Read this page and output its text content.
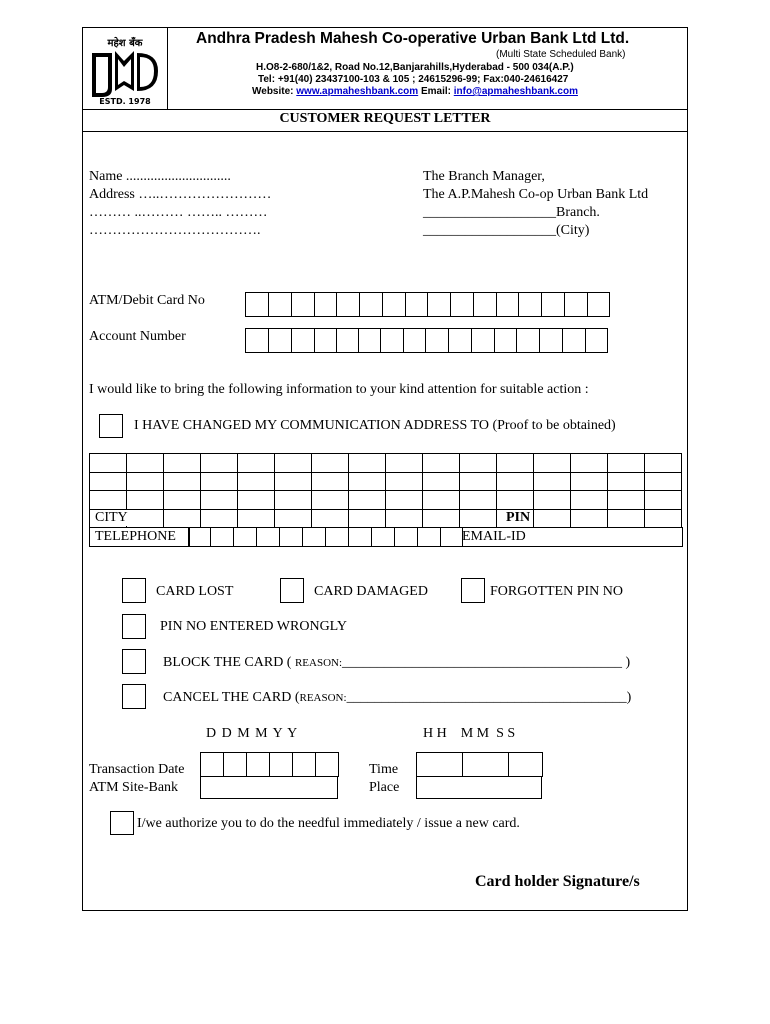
महेश बँक
ESTD. 1978
Andhra Pradesh Mahesh Co-operative Urban Bank Ltd Ltd.
(Multi State Scheduled Bank)
H.O8-2-680/1&2, Road No.12,Banjarahills,Hyderabad - 500 034(A.P.)
Tel: +91(40) 23437100-103 & 105 ; 24615296-99; Fax:040-24616427
Website: www.apmaheshbank.com Email: info@apmaheshbank.com
CUSTOMER REQUEST LETTER
Name ..............................
Address …..……………………
……… ..……… …….. ………
……………………………….
The Branch Manager,
The A.P.Mahesh Co-op Urban Bank Ltd
___________________Branch.
___________________(City)
ATM/Debit Card No
Account Number
I would like to bring the following information to your kind attention for suitable action :
I HAVE CHANGED MY COMMUNICATION ADDRESS TO (Proof to be obtained)
CITY	PIN
TELEPHONE	EMAIL-ID
CARD LOST	CARD DAMAGED	FORGOTTEN PIN NO
PIN NO ENTERED WRONGLY
BLOCK THE CARD ( REASON:________________________________________ )
CANCEL THE CARD (REASON:________________________________________)
D D M M Y Y	H H    M M  S S
Transaction Date
ATM Site-Bank
Time
Place
I/we authorize you to do the needful immediately / issue a new card.
Card holder Signature/s
